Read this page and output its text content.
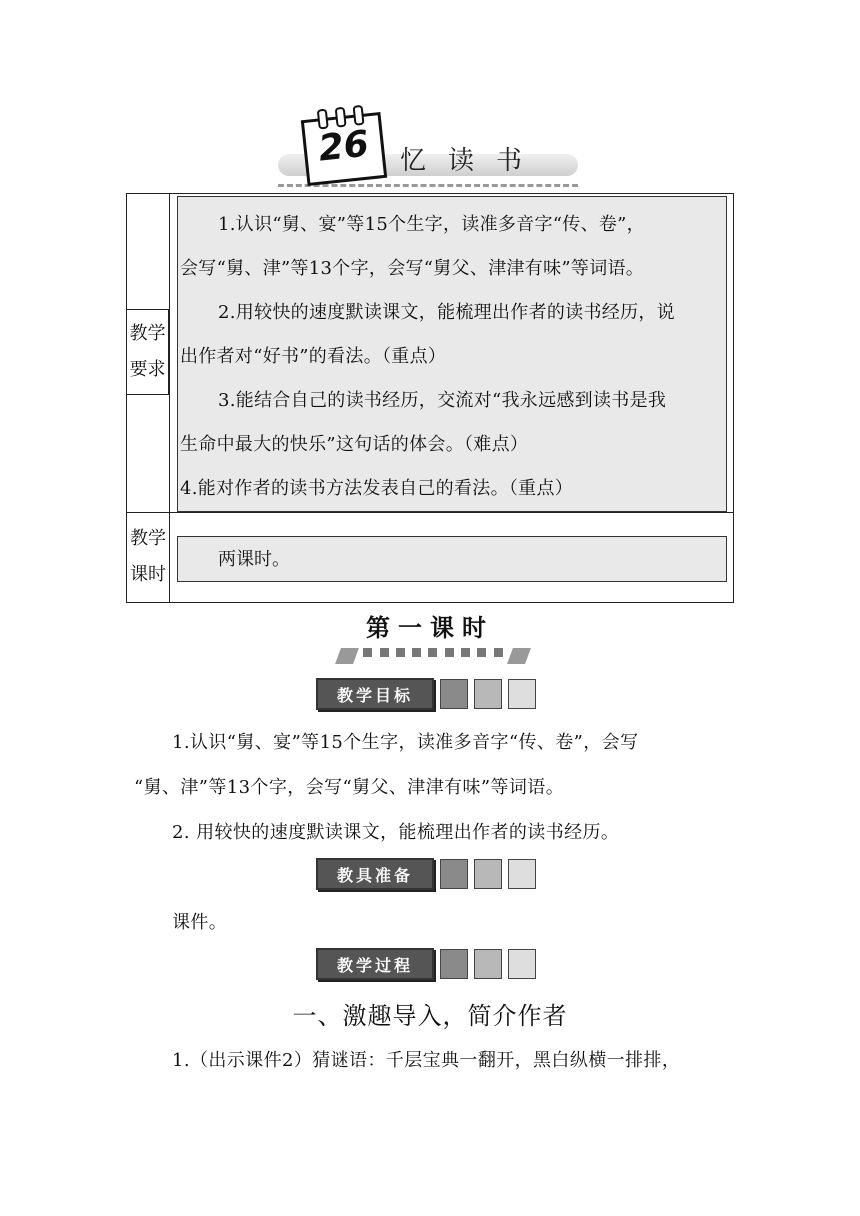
26	忆读书
教学
要求

1.认识“舅、宴”等15个生字，读准多音字“传、卷”，

会写“舅、津”等13个字，会写“舅父、津津有味”等词语。

2.用较快的速度默读课文，能梳理出作者的读书经历，说

出作者对“好书”的看法。（重点）

3.能结合自己的读书经历，交流对“我永远感到读书是我

生命中最大的快乐”这句话的体会。（难点）

4.能对作者的读书方法发表自己的看法。（重点）

教学
课时
两课时。
第一课时
教学目标
1.认识“舅、宴”等15个生字，读准多音字“传、卷”，会写
“舅、津”等13个字，会写“舅父、津津有味”等词语。
2. 用较快的速度默读课文，能梳理出作者的读书经历。
教具准备
课件。
教学过程
一、激趣导入，简介作者
1.（出示课件2）猜谜语：千层宝典一翻开，黑白纵横一排排，
